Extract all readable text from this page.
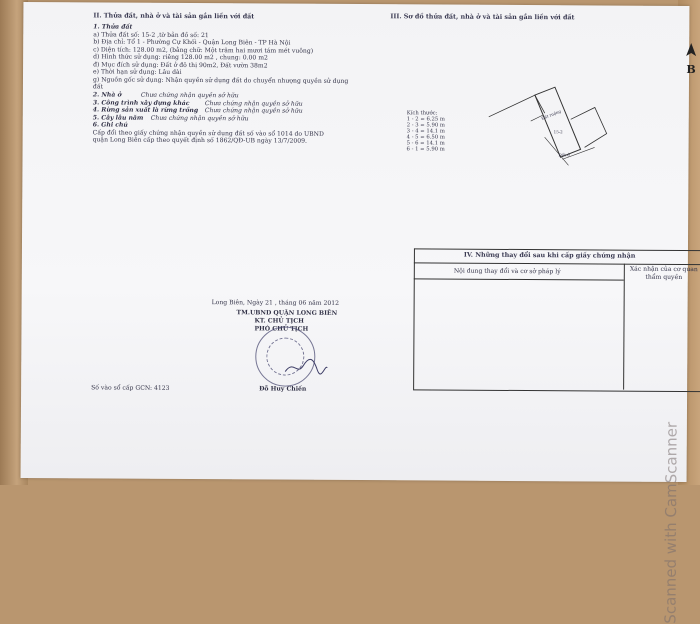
II. Thửa đất, nhà ở và tài sản gắn liền với đất
1. Thửa đất
a) Thửa đất số: 15-2 ,tờ bản đồ số: 21
b) Địa chỉ: Tổ 1 - Phường Cự Khối - Quận Long Biên - TP Hà Nội
c) Diện tích: 128.00 m2, (bằng chữ: Một trăm hai mươi tám mét vuông)
d) Hình thức sử dụng: riêng 128.00 m2 , chung: 0.00 m2
đ) Mục đích sử dụng: Đất ở đô thị 90m2, Đất vườn 38m2
e) Thời hạn sử dụng: Lâu dài
g) Nguồn gốc sử dụng: Nhận quyền sử dụng đất do chuyển nhượng quyền sử dụng
đất
2. Nhà ở	Chưa chứng nhận quyền sở hữu
3. Công trình xây dựng khác	Chưa chứng nhận quyền sở hữu
4. Rừng sản xuất là rừng trồng Chưa chứng nhận quyền sở hữu
5. Cây lâu năm Chưa chứng nhận quyền sở hữu
6. Ghi chú
Cấp đổi theo giấy chứng nhận quyền sử dụng đất số vào sổ 1014 do UBND
quận Long Biên cấp theo quyết định số 1862/QĐ-UB ngày 13/7/2009.
Long Biên, Ngày 21 , tháng 06 năm 2012
TM.UBND QUẬN LONG BIÊN
KT. CHỦ TỊCH
PHÓ CHỦ TỊCH
Đỗ Huy Chiến
Số vào sổ cấp GCN: 4123
III. Sơ đồ thửa đất, nhà ở và tài sản gắn liền với đất
B
Kích thước:
1 - 2 = 6.25 m
2 - 3 = 5.90 m
3 - 4 = 14.1 m
4 - 5 = 6.50 m
5 - 6 = 14.1 m
6 - 1 = 5.90 m
Đất ruộng
15-2
Đất ở
IV. Những thay đổi sau khi cấp giấy chứng nhận
Nội dung thay đổi và cơ sở pháp lý	Xác nhận của cơ quan thẩm quyền
Scanned with CamScanner
